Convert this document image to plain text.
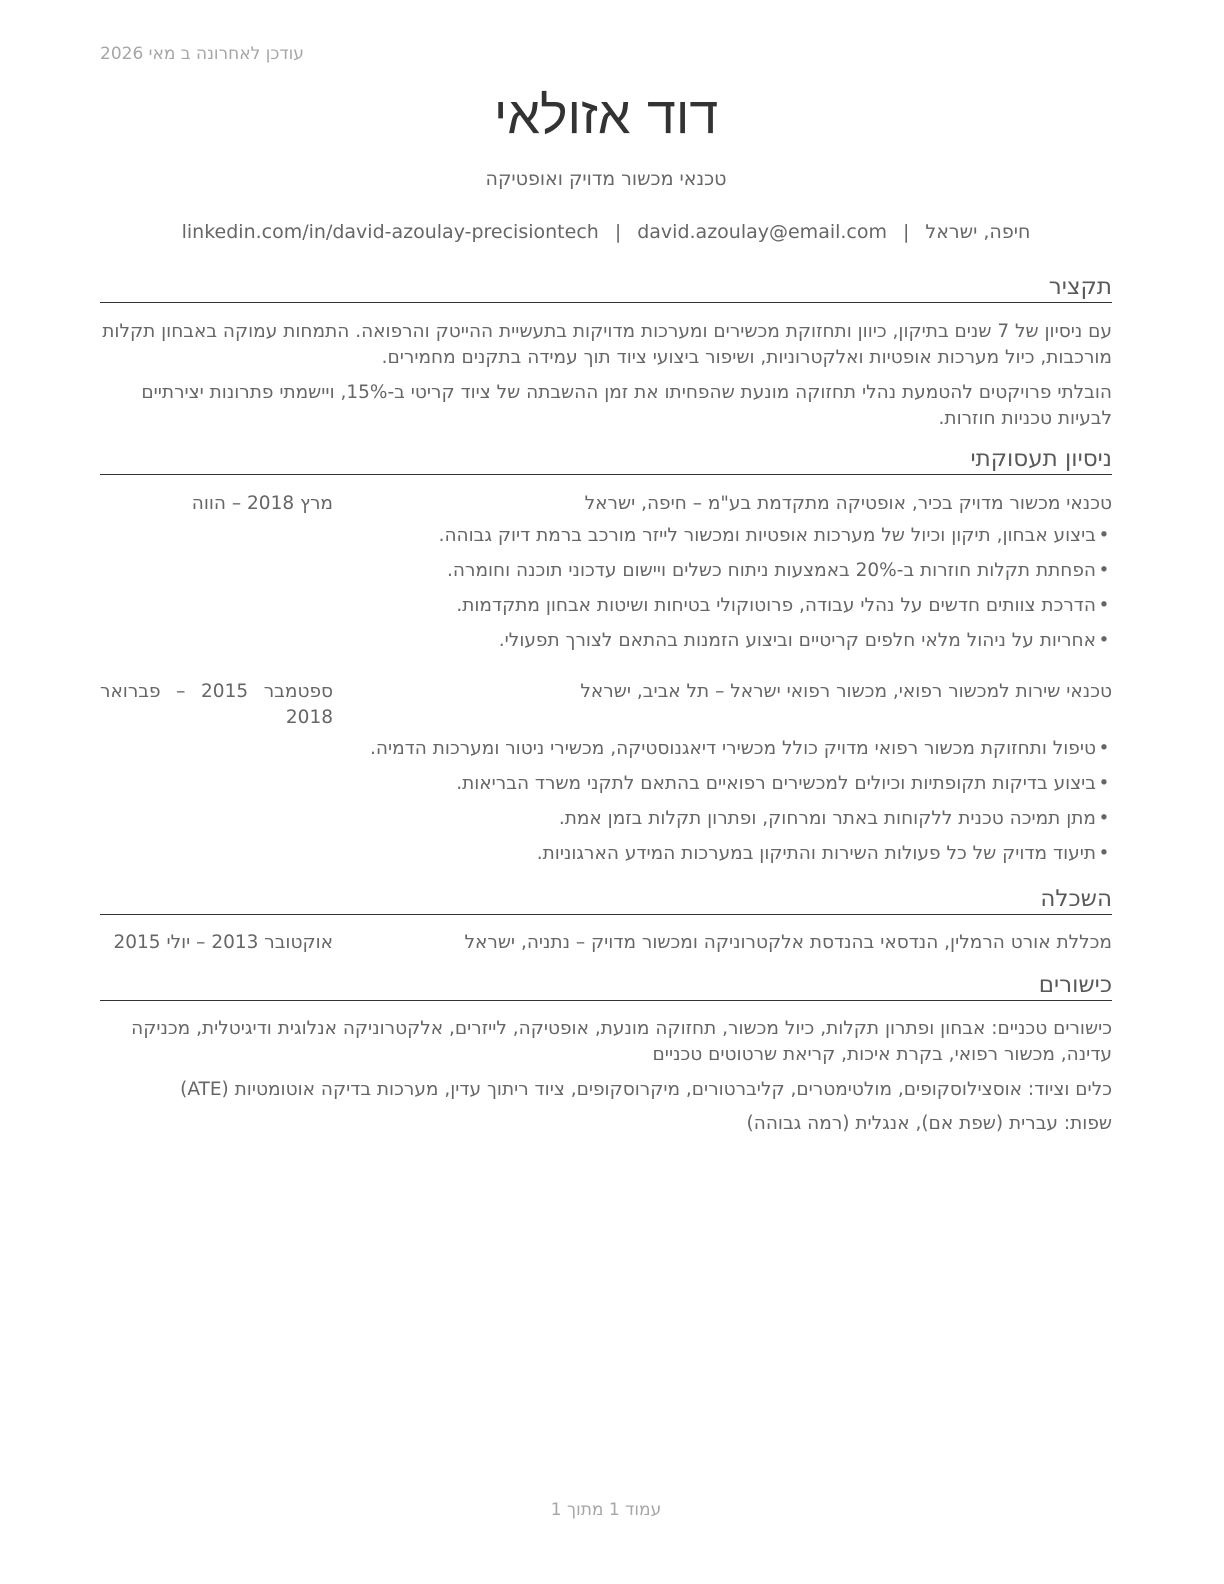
עודכן לאחרונה ב מאי 2026
דוד אזולאי
טכנאי מכשור מדויק ואופטיקה
חיפה, ישראל|david.azoulay@email.com|linkedin.com/in/david-azoulay-precisiontech
תקציר
עם ניסיון של 7 שנים בתיקון, כיוון ותחזוקת מכשירים ומערכות מדויקות בתעשיית ההייטק והרפואה. התמחות עמוקה באבחון תקלות מורכבות, כיול מערכות אופטיות ואלקטרוניות, ושיפור ביצועי ציוד תוך עמידה בתקנים מחמירים.
הובלתי פרויקטים להטמעת נהלי תחזוקה מונעת שהפחיתו את זמן ההשבתה של ציוד קריטי ב-15%, ויישמתי פתרונות יצירתיים לבעיות טכניות חוזרות.
ניסיון תעסוקתי
טכנאי מכשור מדויק בכיר, אופטיקה מתקדמת בע"מ – חיפה, ישראל
מרץ 2018 – הווה
•ביצוע אבחון, תיקון וכיול של מערכות אופטיות ומכשור לייזר מורכב ברמת דיוק גבוהה.
•הפחתת תקלות חוזרות ב-20% באמצעות ניתוח כשלים ויישום עדכוני תוכנה וחומרה.
•הדרכת צוותים חדשים על נהלי עבודה, פרוטוקולי בטיחות ושיטות אבחון מתקדמות.
•אחריות על ניהול מלאי חלפים קריטיים וביצוע הזמנות בהתאם לצורך תפעולי.
טכנאי שירות למכשור רפואי, מכשור רפואי ישראל – תל אביב, ישראל
ספטמבר 2015 – פברואר 2018
•טיפול ותחזוקת מכשור רפואי מדויק כולל מכשירי דיאגנוסטיקה, מכשירי ניטור ומערכות הדמיה.
•ביצוע בדיקות תקופתיות וכיולים למכשירים רפואיים בהתאם לתקני משרד הבריאות.
•מתן תמיכה טכנית ללקוחות באתר ומרחוק, ופתרון תקלות בזמן אמת.
•תיעוד מדויק של כל פעולות השירות והתיקון במערכות המידע הארגוניות.
השכלה
מכללת אורט הרמלין, הנדסאי בהנדסת אלקטרוניקה ומכשור מדויק – נתניה, ישראל
אוקטובר 2013 – יולי 2015
כישורים
כישורים טכניים: אבחון ופתרון תקלות, כיול מכשור, תחזוקה מונעת, אופטיקה, לייזרים, אלקטרוניקה אנלוגית ודיגיטלית, מכניקה עדינה, מכשור רפואי, בקרת איכות, קריאת שרטוטים טכניים
כלים וציוד: אוסצילוסקופים, מולטימטרים, קליברטורים, מיקרוסקופים, ציוד ריתוך עדין, מערכות בדיקה אוטומטיות (ATE)
שפות: עברית (שפת אם), אנגלית (רמה גבוהה)
עמוד 1 מתוך 1
